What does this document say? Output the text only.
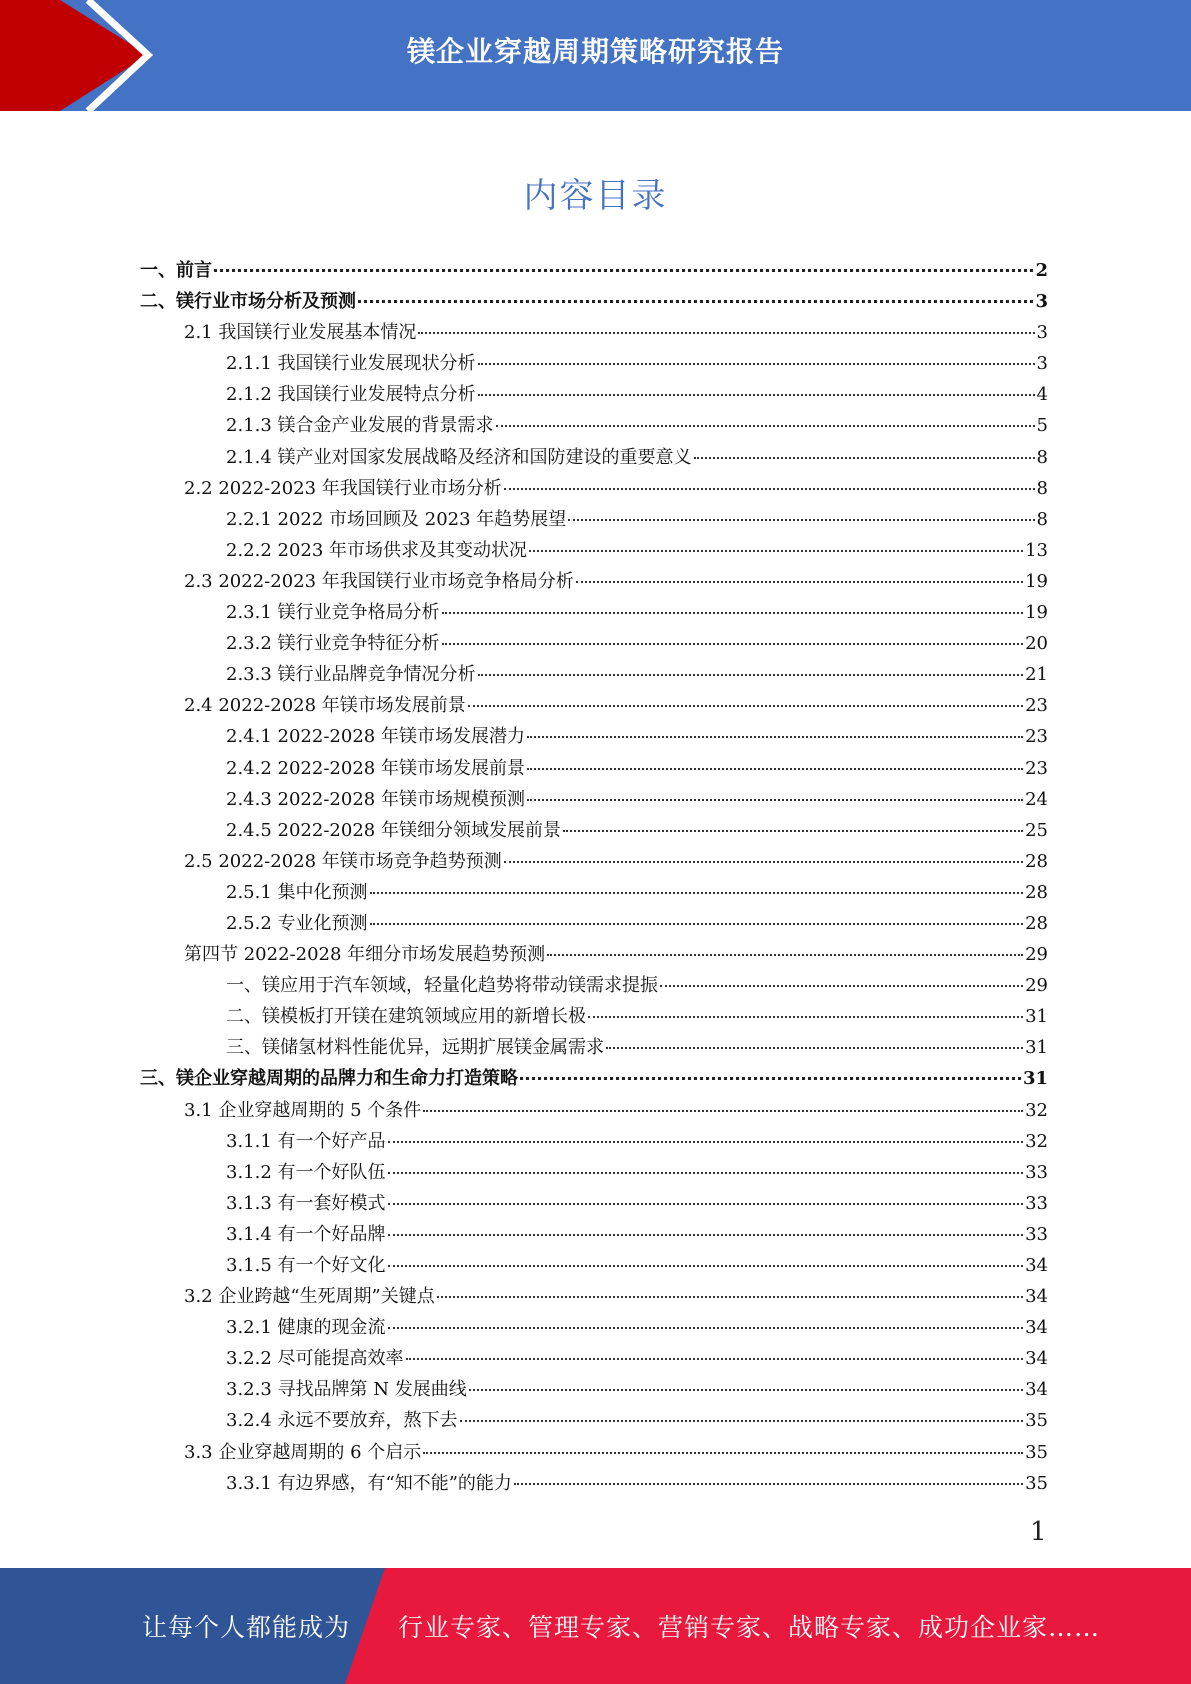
镁企业穿越周期策略研究报告
内容目录
一、前言	2
二、镁行业市场分析及预测	3
2.1 我国镁行业发展基本情况	3
2.1.1 我国镁行业发展现状分析	3
2.1.2 我国镁行业发展特点分析	4
2.1.3 镁合金产业发展的背景需求	5
2.1.4 镁产业对国家发展战略及经济和国防建设的重要意义	8
2.2 2022-2023 年我国镁行业市场分析	8
2.2.1 2022 市场回顾及 2023 年趋势展望	8
2.2.2 2023 年市场供求及其变动状况	13
2.3 2022-2023 年我国镁行业市场竞争格局分析	19
2.3.1 镁行业竞争格局分析	19
2.3.2 镁行业竞争特征分析	20
2.3.3 镁行业品牌竞争情况分析	21
2.4 2022-2028 年镁市场发展前景	23
2.4.1 2022-2028 年镁市场发展潜力	23
2.4.2 2022-2028 年镁市场发展前景	23
2.4.3 2022-2028 年镁市场规模预测	24
2.4.5 2022-2028 年镁细分领域发展前景	25
2.5 2022-2028 年镁市场竞争趋势预测	28
2.5.1 集中化预测	28
2.5.2 专业化预测	28
第四节 2022-2028 年细分市场发展趋势预测	29
一、镁应用于汽车领域，轻量化趋势将带动镁需求提振	29
二、镁模板打开镁在建筑领域应用的新增长极	31
三、镁储氢材料性能优异，远期扩展镁金属需求	31
三、镁企业穿越周期的品牌力和生命力打造策略	31
3.1 企业穿越周期的 5 个条件	32
3.1.1 有一个好产品	32
3.1.2 有一个好队伍	33
3.1.3 有一套好模式	33
3.1.4 有一个好品牌	33
3.1.5 有一个好文化	34
3.2 企业跨越“生死周期”关键点	34
3.2.1 健康的现金流	34
3.2.2 尽可能提高效率	34
3.2.3 寻找品牌第 N 发展曲线	34
3.2.4 永远不要放弃，熬下去	35
3.3 企业穿越周期的 6 个启示	35
3.3.1 有边界感，有“知不能”的能力	35
1
让每个人都能成为 行业专家、管理专家、营销专家、战略专家、成功企业家……
